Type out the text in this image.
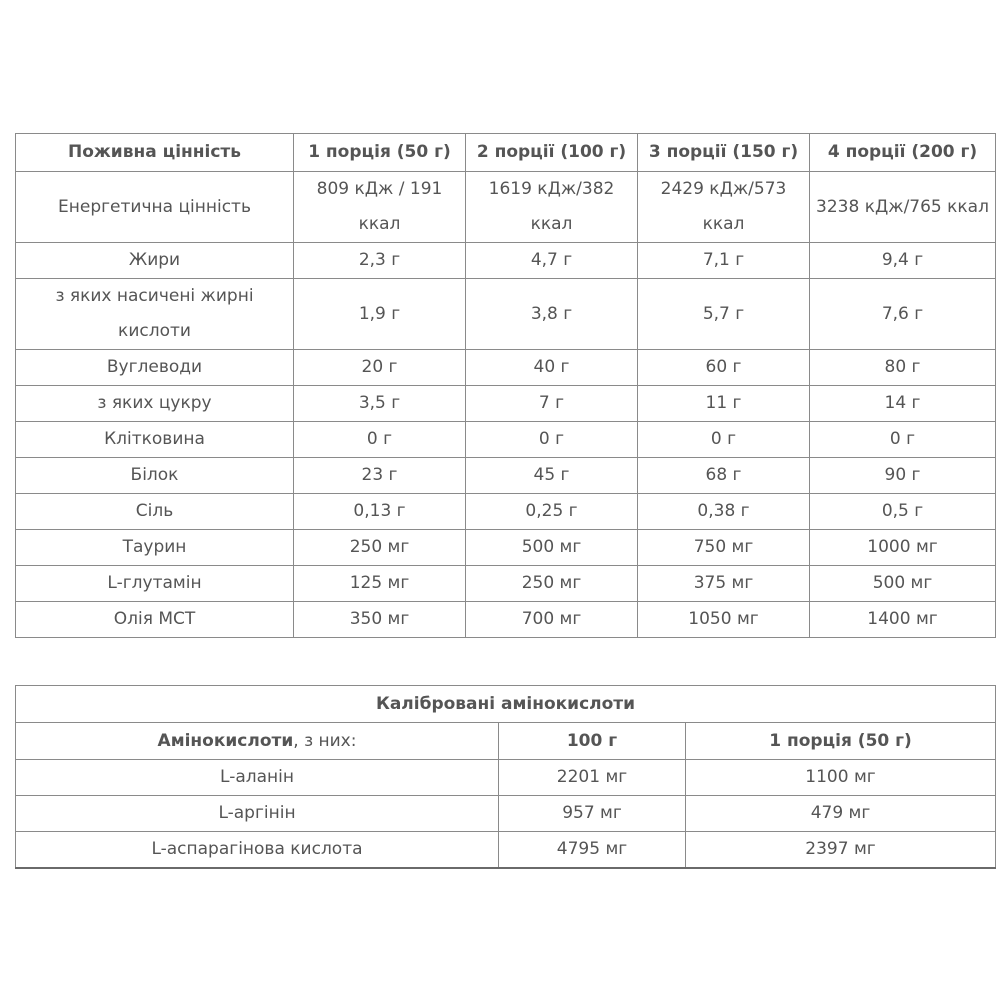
Поживна цінність	1 порція (50 г)	2 порції (100 г)	3 порції (150 г)	4 порції (200 г)
Енергетична цінність	809 кДж / 191 ккал	1619 кДж/382 ккал	2429 кДж/573 ккал	3238 кДж/765 ккал
Жири	2,3 г	4,7 г	7,1 г	9,4 г
з яких насичені жирні кислоти	1,9 г	3,8 г	5,7 г	7,6 г
Вуглеводи	20 г	40 г	60 г	80 г
з яких цукру	3,5 г	7 г	11 г	14 г
Клітковина	0 г	0 г	0 г	0 г
Білок	23 г	45 г	68 г	90 г
Сіль	0,13 г	0,25 г	0,38 г	0,5 г
Таурин	250 мг	500 мг	750 мг	1000 мг
L-глутамін	125 мг	250 мг	375 мг	500 мг
Олія МСТ	350 мг	700 мг	1050 мг	1400 мг
Калібровані амінокислоти		
Амінокислоти, з них:	100 г	1 порція (50 г)
L-аланін	2201 мг	1100 мг
L-аргінін	957 мг	479 мг
L-аспарагінова кислота	4795 мг	2397 мг
